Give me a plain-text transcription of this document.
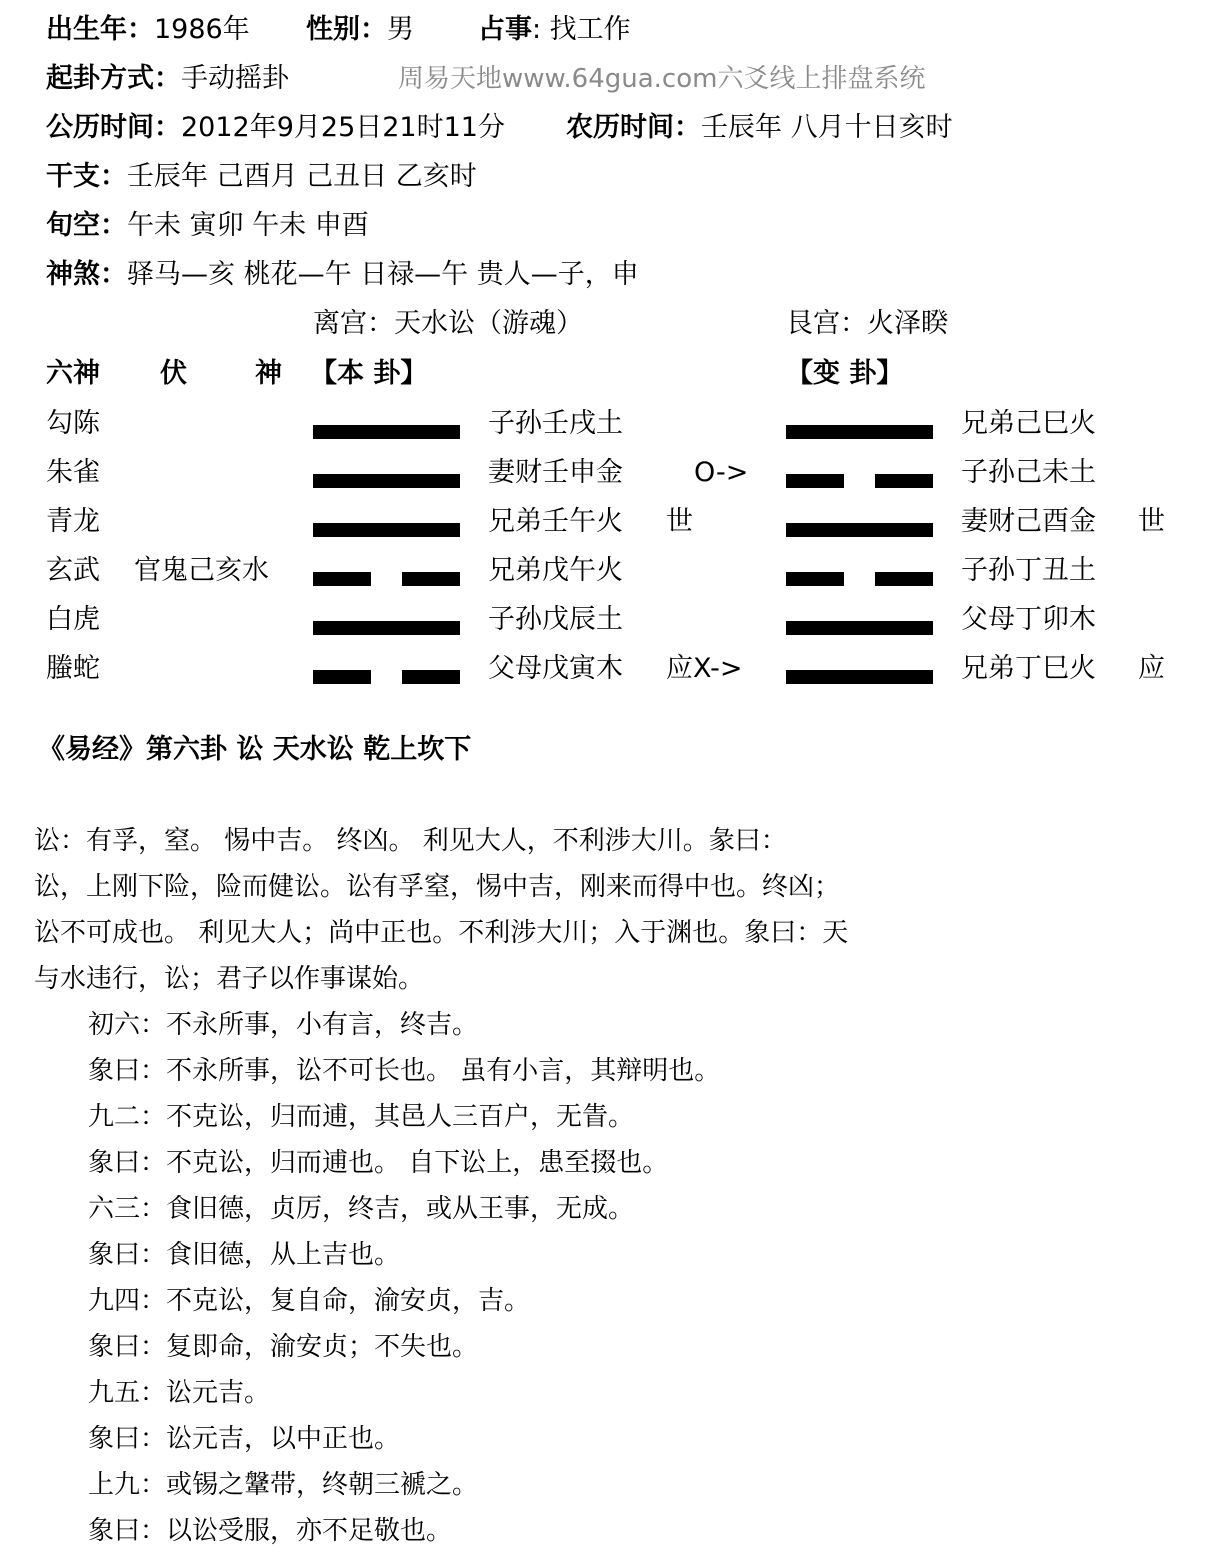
出生年：1986年 性别：男 占事: 找工作
起卦方式：手动摇卦	周易天地www.64gua.com六爻线上排盘系统
公历时间：2012年9月25日21时11分 农历时间：壬辰年 八月十日亥时
干支：壬辰年 己酉月 己丑日 乙亥时
旬空：午未 寅卯 午未 申酉
神煞：驿马—亥 桃花—午 日禄—午 贵人—子，申
离宫：天水讼（游魂）	艮宫：火泽睽
六神 伏	神 【本 卦】	【变 卦】
勾陈	子孙壬戌土	兄弟己巳火
朱雀	妻财壬申金	O->	子孙己未土
青龙	兄弟壬午火 世	妻财己酉金 世
玄武 官鬼己亥水	兄弟戊午火	子孙丁丑土
白虎	子孙戊辰土	父母丁卯木
螣蛇	父母戊寅木 应X->	兄弟丁巳火 应
《易经》第六卦 讼 天水讼 乾上坎下
讼：有孚，窒。 惕中吉。 终凶。 利见大人，不利涉大川。彖曰：
讼，上刚下险，险而健讼。讼有孚窒，惕中吉，刚来而得中也。终凶；
讼不可成也。 利见大人；尚中正也。不利涉大川；入于渊也。象曰：天
与水违行，讼；君子以作事谋始。
初六：不永所事，小有言，终吉。
象曰：不永所事，讼不可长也。 虽有小言，其辩明也。
九二：不克讼，归而逋，其邑人三百户，无眚。
象曰：不克讼，归而逋也。 自下讼上，患至掇也。
六三：食旧德，贞厉，终吉，或从王事，无成。
象曰：食旧德，从上吉也。
九四：不克讼，复自命，渝安贞，吉。
象曰：复即命，渝安贞；不失也。
九五：讼元吉。
象曰：讼元吉，以中正也。
上九：或锡之鞶带，终朝三褫之。
象曰：以讼受服，亦不足敬也。
